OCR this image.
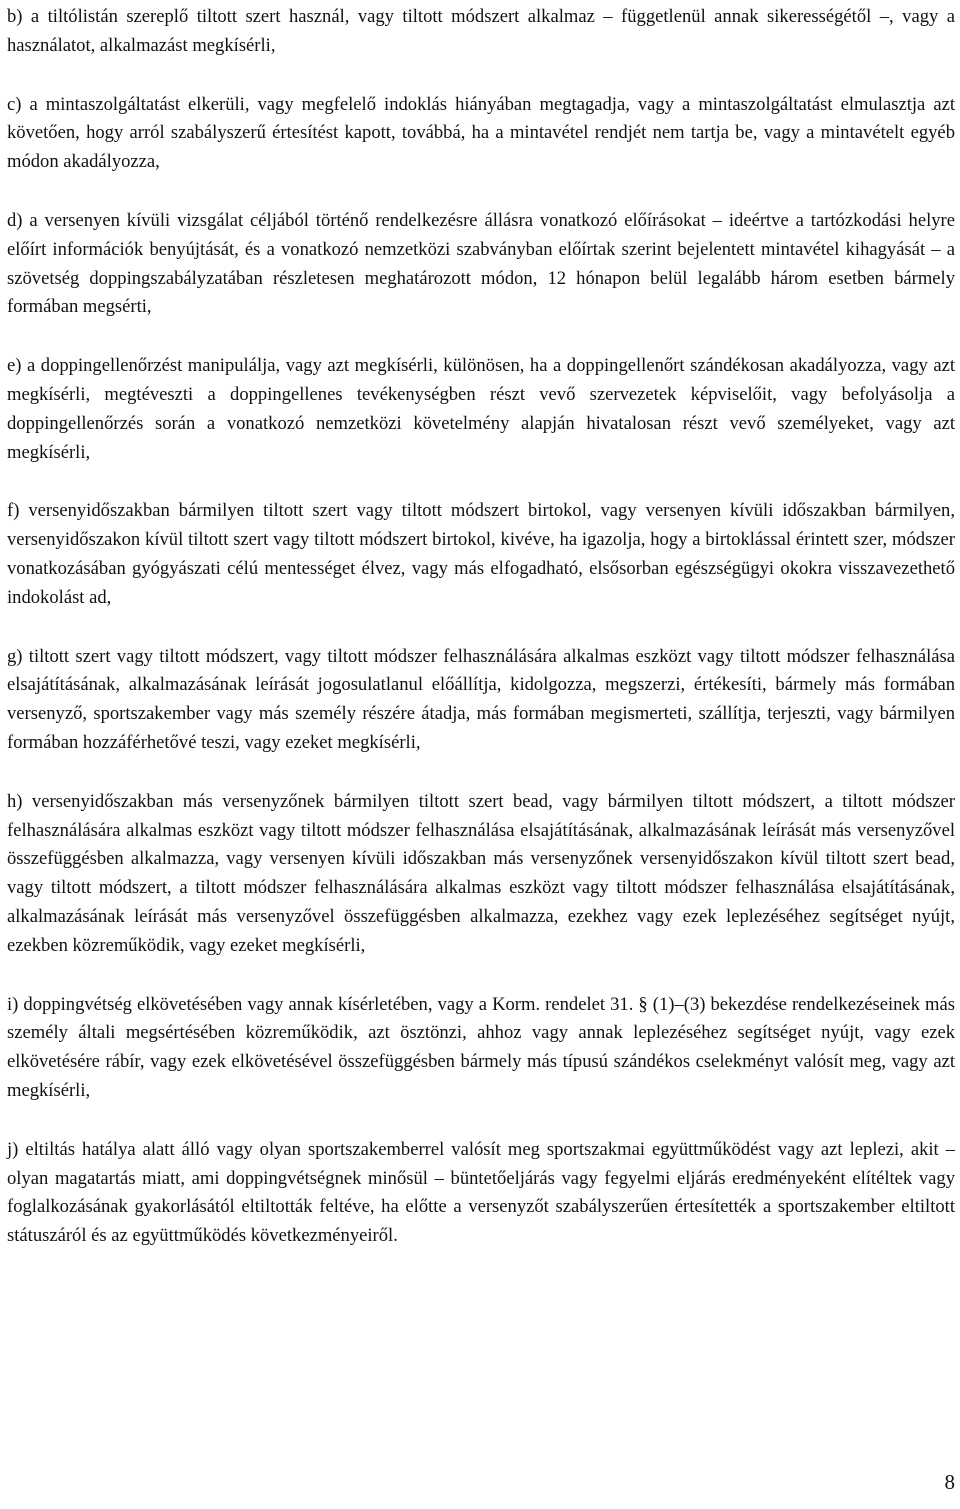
b) a tiltólistán szereplő tiltott szert használ, vagy tiltott módszert alkalmaz – függetlenül annak sikerességétől –, vagy a használatot, alkalmazást megkísérli,

c) a mintaszolgáltatást elkerüli, vagy megfelelő indoklás hiányában megtagadja, vagy a mintaszolgáltatást elmulasztja azt követően, hogy arról szabályszerű értesítést kapott, továbbá, ha a mintavétel rendjét nem tartja be, vagy a mintavételt egyéb módon akadályozza,

d) a versenyen kívüli vizsgálat céljából történő rendelkezésre állásra vonatkozó előírásokat – ideértve a tartózkodási helyre előírt információk benyújtását, és a vonatkozó nemzetközi szabványban előírtak szerint bejelentett mintavétel kihagyását – a szövetség doppingszabályzatában részletesen meghatározott módon, 12 hónapon belül legalább három esetben bármely formában megsérti,

e) a doppingellenőrzést manipulálja, vagy azt megkísérli, különösen, ha a doppingellenőrt szándékosan akadályozza, vagy azt megkísérli, megtéveszti a doppingellenes tevékenységben részt vevő szervezetek képviselőit, vagy befolyásolja a doppingellenőrzés során a vonatkozó nemzetközi követelmény alapján hivatalosan részt vevő személyeket, vagy azt megkísérli,

f) versenyidőszakban bármilyen tiltott szert vagy tiltott módszert birtokol, vagy versenyen kívüli időszakban bármilyen, versenyidőszakon kívül tiltott szert vagy tiltott módszert birtokol, kivéve, ha igazolja, hogy a birtoklással érintett szer, módszer vonatkozásában gyógyászati célú mentességet élvez, vagy más elfogadható, elsősorban egészségügyi okokra visszavezethető indokolást ad,

g) tiltott szert vagy tiltott módszert, vagy tiltott módszer felhasználására alkalmas eszközt vagy tiltott módszer felhasználása elsajátításának, alkalmazásának leírását jogosulatlanul előállítja, kidolgozza, megszerzi, értékesíti, bármely más formában versenyző, sportszakember vagy más személy részére átadja, más formában megismerteti, szállítja, terjeszti, vagy bármilyen formában hozzáférhetővé teszi, vagy ezeket megkísérli,

h) versenyidőszakban más versenyzőnek bármilyen tiltott szert bead, vagy bármilyen tiltott módszert, a tiltott módszer felhasználására alkalmas eszközt vagy tiltott módszer felhasználása elsajátításának, alkalmazásának leírását más versenyzővel összefüggésben alkalmazza, vagy versenyen kívüli időszakban más versenyzőnek versenyidőszakon kívül tiltott szert bead, vagy tiltott módszert, a tiltott módszer felhasználására alkalmas eszközt vagy tiltott módszer felhasználása elsajátításának, alkalmazásának leírását más versenyzővel összefüggésben alkalmazza, ezekhez vagy ezek leplezéséhez segítséget nyújt, ezekben közreműködik, vagy ezeket megkísérli,

i) doppingvétség elkövetésében vagy annak kísérletében, vagy a Korm. rendelet 31. § (1)–(3) bekezdése rendelkezéseinek más személy általi megsértésében közreműködik, azt ösztönzi, ahhoz vagy annak leplezéséhez segítséget nyújt, vagy ezek elkövetésére rábír, vagy ezek elkövetésével összefüggésben bármely más típusú szándékos cselekményt valósít meg, vagy azt megkísérli,

j) eltiltás hatálya alatt álló vagy olyan sportszakemberrel valósít meg sportszakmai együttműködést vagy azt leplezi, akit – olyan magatartás miatt, ami doppingvétségnek minősül – büntetőeljárás vagy fegyelmi eljárás eredményeként elítéltek vagy foglalkozásának gyakorlásától eltiltották feltéve, ha előtte a versenyzőt szabályszerűen értesítették a sportszakember eltiltott státuszáról és az együttműködés következményeiről.

8
